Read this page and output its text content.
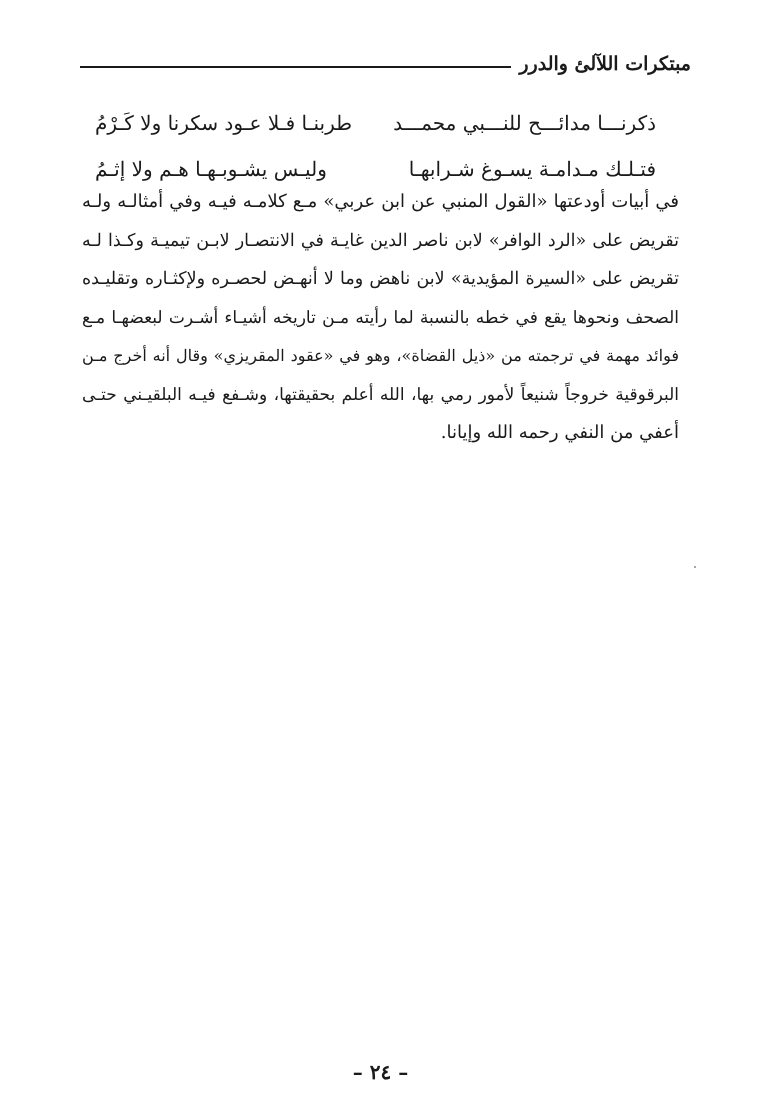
مبتكرات اللآلئ والدرر
ذكرنـــا مدائـــح للنـــبي محمـــد
طربنـا فـلا عـود سكرنا ولا كَـرْمُ
فتـلـك مـدامـة يسـوغ شـرابهـا
وليـس يشـوبـهـا هـم ولا إثـمُ
في أبيات أودعتها «القول المنبي عن ابن عربي» مـع كلامـه فيـه وفي أمثالـه ولـه
تقريض على «الرد الوافر» لابن ناصر الدين غايـة في الانتصـار لابـن تيميـة وكـذا لـه
تقريض على «السيرة المؤيدية» لابن ناهض وما لا أنهـض لحصـره ولإكثـاره وتقليـده
الصحف ونحوها يقع في خطه بالنسبة لما رأيته مـن تاريخه أشيـاء أشـرت لبعضهـا مـع
فوائد مهمة في ترجمته من «ذيل القضاة»، وهو في «عقود المقريزي» وقال أنه أخرج مـن
البرقوقية خروجاً شنيعاً لأمور رمي بها، الله أعلم بحقيقتها، وشـفع فيـه البلقيـني حتـى
أعفي من النفي رحمه الله وإيانا.
– ٢٤ –
